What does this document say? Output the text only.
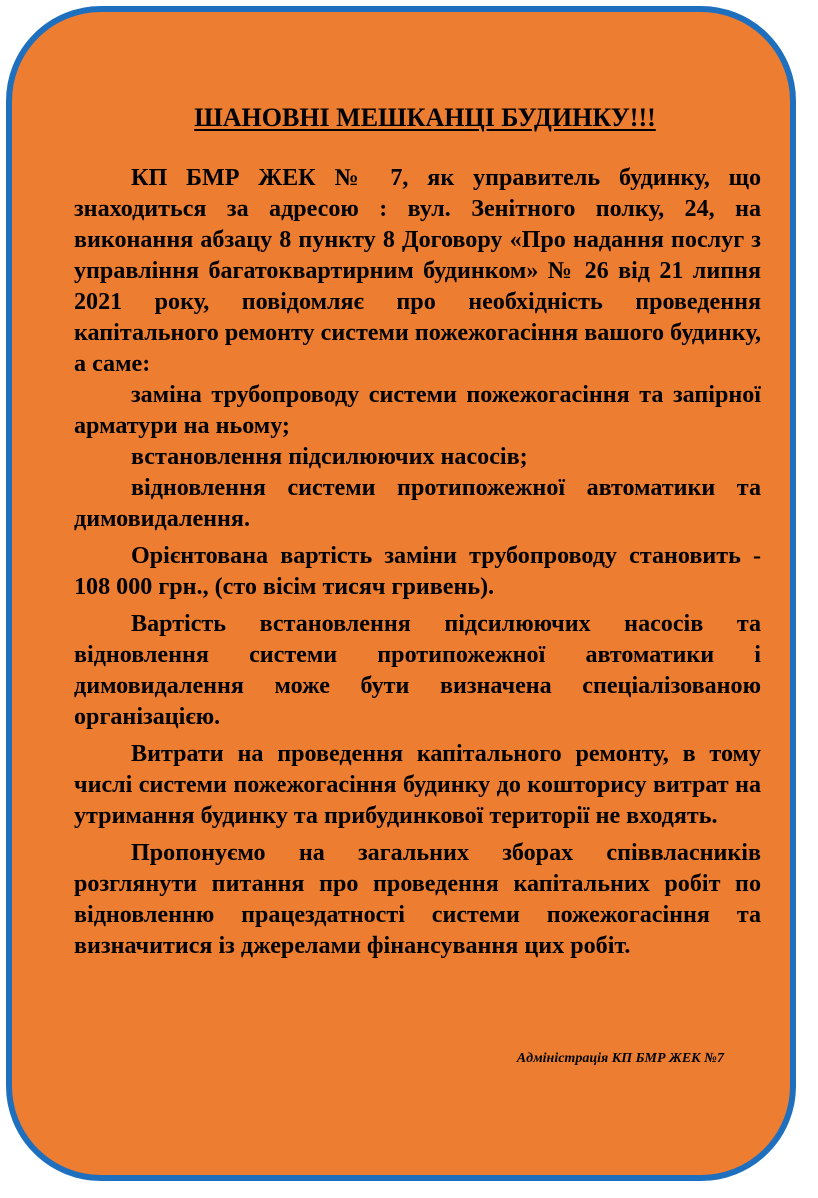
ШАНОВНІ МЕШКАНЦІ БУДИНКУ!!!

КП БМР ЖЕК № 7, як управитель будинку, що знаходиться за адресою : вул. Зенітного полку, 24, на виконання абзацу 8 пункту 8 Договору «Про надання послуг з управління багатоквартирним будинком» № 26 від 21 липня 2021 року, повідомляє про необхідність проведення капітального ремонту системи пожежогасіння вашого будинку, а саме:

заміна трубопроводу системи пожежогасіння та запірної арматури на ньому;

встановлення підсилюючих насосів;

відновлення системи протипожежної автоматики та димовидалення.

Орієнтована вартість заміни трубопроводу становить - 108 000 грн., (сто вісім тисяч гривень).

Вартість встановлення підсилюючих насосів та відновлення системи протипожежної автоматики і димовидалення може бути визначена спеціалізованою організацією.

Витрати на проведення капітального ремонту, в тому числі системи пожежогасіння будинку до кошторису витрат на утримання будинку та прибудинкової території не входять.

Пропонуємо на загальних зборах співвласників розглянути питання про проведення капітальних робіт по відновленню працездатності системи пожежогасіння та визначитися із джерелами фінансування цих робіт.

Адміністрація КП БМР ЖЕК №7
